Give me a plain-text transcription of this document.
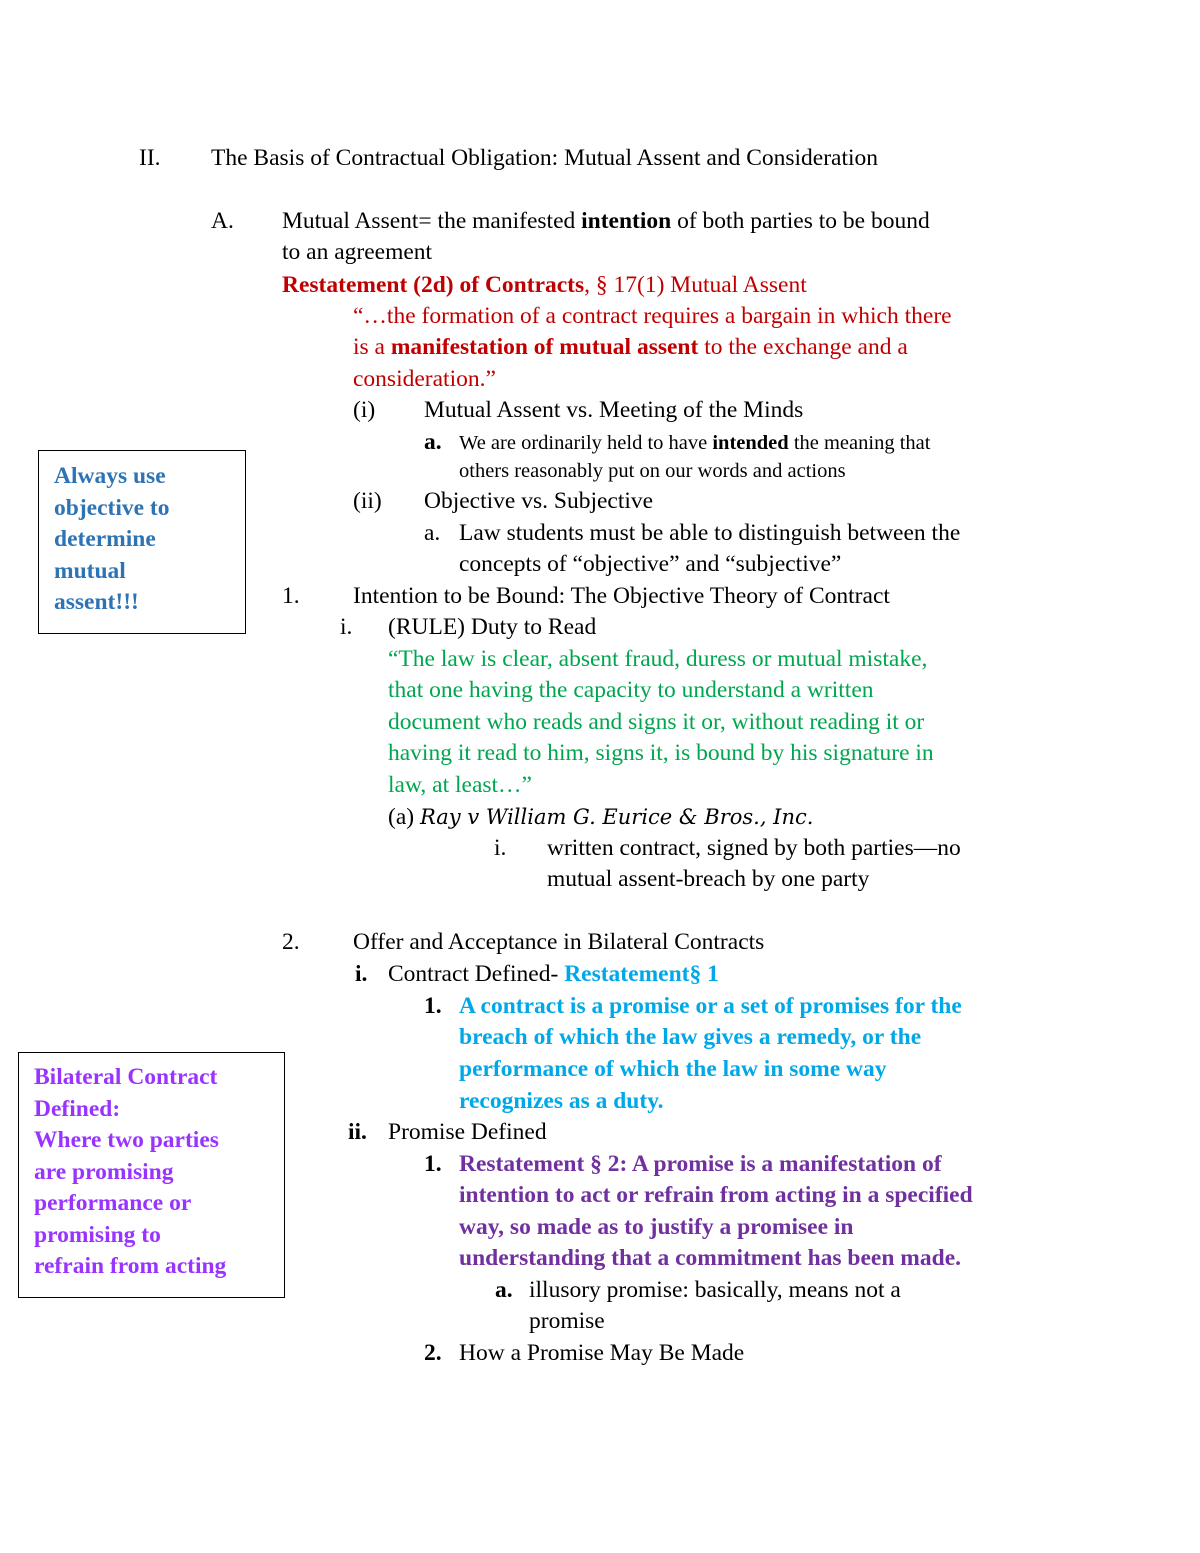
II. The Basis of Contractual Obligation: Mutual Assent and Consideration
A. Mutual Assent= the manifested intention of both parties to be bound
to an agreement
Restatement (2d) of Contracts, § 17(1) Mutual Assent
“…the formation of a contract requires a bargain in which there
is a manifestation of mutual assent to the exchange and a
consideration.”
(i) Mutual Assent vs. Meeting of the Minds
a. We are ordinarily held to have intended the meaning that
others reasonably put on our words and actions
(ii) Objective vs. Subjective
a. Law students must be able to distinguish between the
concepts of “objective” and “subjective”
1. Intention to be Bound: The Objective Theory of Contract
i. (RULE) Duty to Read
“The law is clear, absent fraud, duress or mutual mistake,
that one having the capacity to understand a written
document who reads and signs it or, without reading it or
having it read to him, signs it, is bound by his signature in
law, at least…”
(a) Ray v William G. Eurice & Bros., Inc.
i. written contract, signed by both parties—no
mutual assent-breach by one party
2. Offer and Acceptance in Bilateral Contracts
i. Contract Defined- Restatement§ 1
1. A contract is a promise or a set of promises for the
breach of which the law gives a remedy, or the
performance of which the law in some way
recognizes as a duty.
ii. Promise Defined
1. Restatement § 2: A promise is a manifestation of
intention to act or refrain from acting in a specified
way, so made as to justify a promisee in
understanding that a commitment has been made.
a. illusory promise: basically, means not a
promise
2. How a Promise May Be Made
Always use
objective to
determine
mutual
assent!!!
Bilateral Contract
Defined:
Where two parties
are promising
performance or
promising to
refrain from acting
